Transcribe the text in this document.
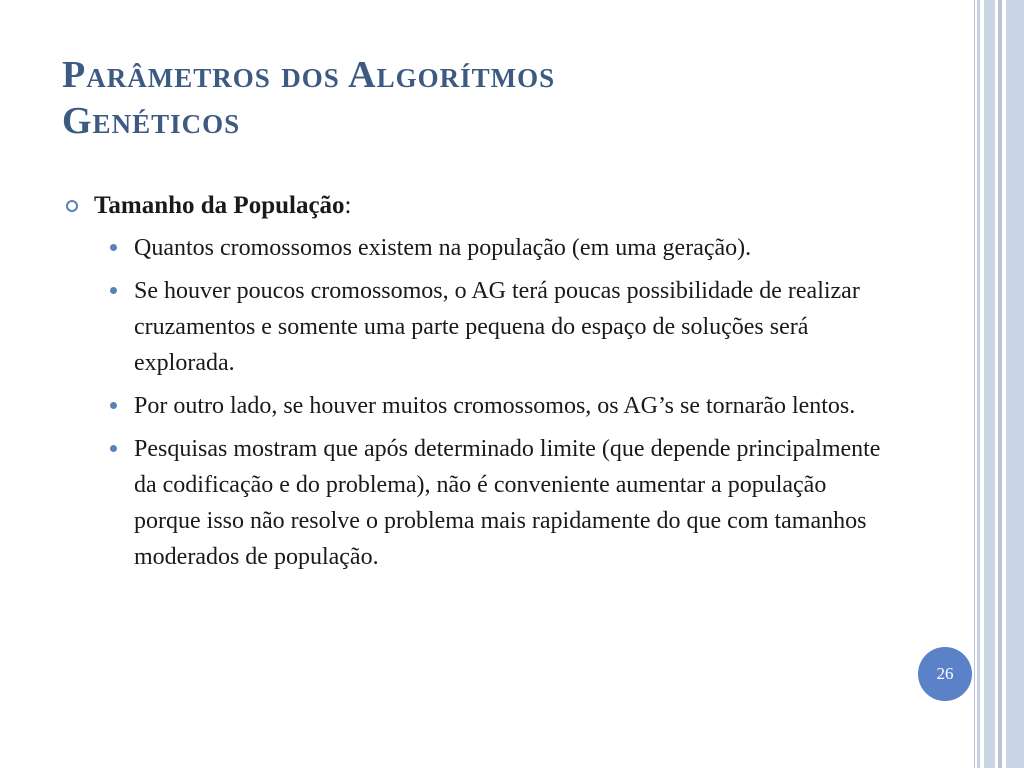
Parâmetros dos Algorítmos
Genéticos
Tamanho da População:
Quantos cromossomos existem na população (em uma geração).
Se houver poucos cromossomos, o AG terá poucas possibilidade de realizar cruzamentos e somente uma parte pequena do espaço de soluções será explorada.
Por outro lado, se houver muitos cromossomos, os AG’s se tornarão lentos.
Pesquisas mostram que após determinado limite (que depende principalmente da codificação e do problema), não é conveniente aumentar a população porque isso não resolve o problema mais rapidamente do que com tamanhos moderados de população.
26
